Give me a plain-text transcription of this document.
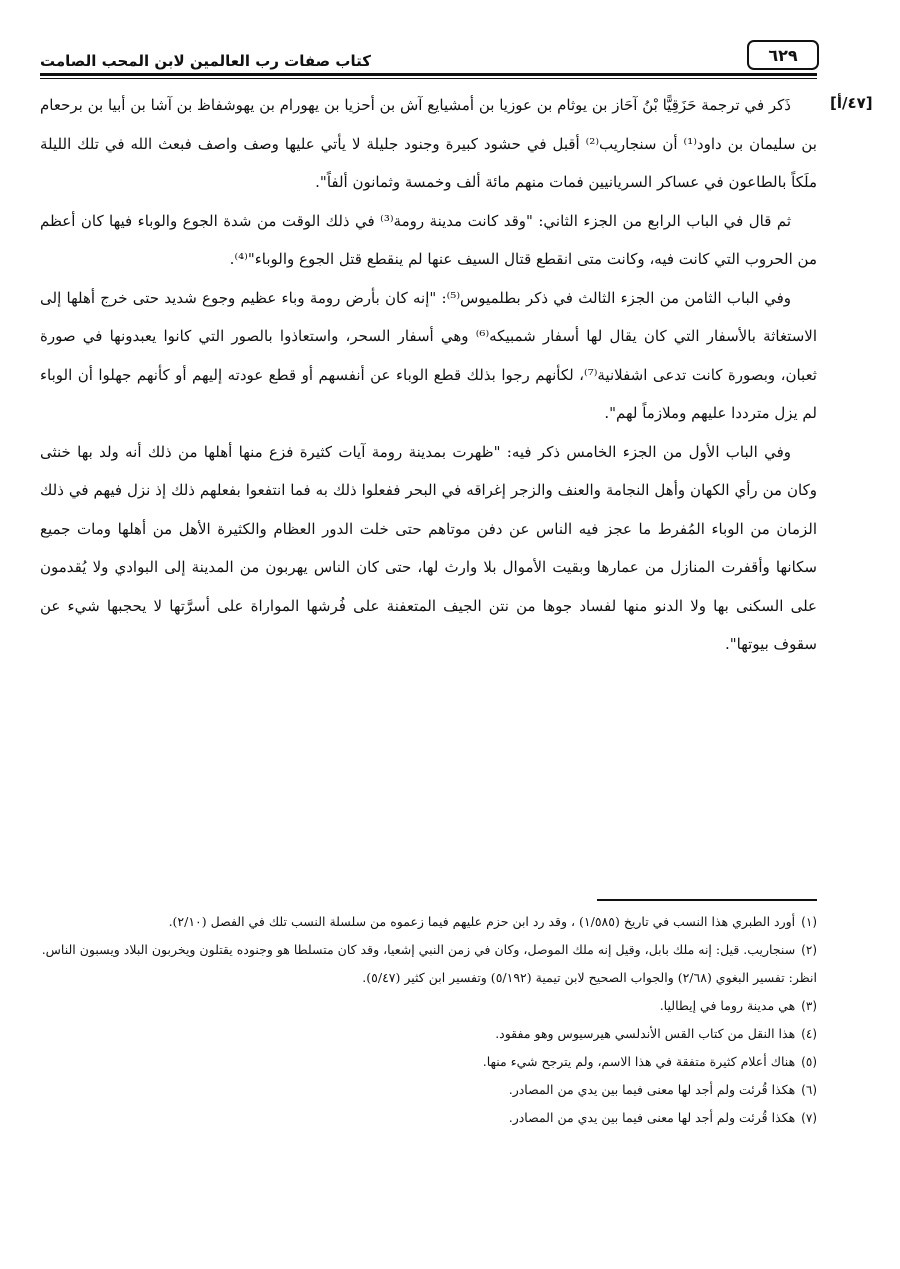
كتاب صفات رب العالمين لابن المحب الصامت	٦٢٩
[٤٧/أ]

ذَكر في ترجمة حَزَقِيًّا بْنُ آحَاز بن يوثام بن عوزيا بن أمشيايع آش بن أحزيا بن يهورام بن يهوشفاظ بن آشا بن أبيا بن برحعام بن سليمان بن داود⁽¹⁾ أن سنجاريب⁽²⁾ أقبل في حشود كبيرة وجنود جليلة لا يأتي عليها وصف واصف فبعث الله في تلك الليلة ملَكاً بالطاعون في عساكر السريانيين فمات منهم مائة ألف وخمسة وثمانون ألفاً".

ثم قال في الباب الرابع من الجزء الثاني: "وقد كانت مدينة رومة⁽³⁾ في ذلك الوقت من شدة الجوع والوباء فيها كان أعظم من الحروب التي كانت فيه، وكانت متى انقطع قتال السيف عنها لم ينقطع قتل الجوع والوباء"⁽⁴⁾.

وفي الباب الثامن من الجزء الثالث في ذكر بطلميوس⁽⁵⁾: "إنه كان بأرض رومة وباء عظيم وجوع شديد حتى خرج أهلها إلى الاستغاثة بالأسفار التي كان يقال لها أسفار شمبيكه⁽⁶⁾ وهي أسفار السحر، واستعاذوا بالصور التي كانوا يعبدونها في صورة ثعبان، وبصورة كانت تدعى اشفلانية⁽⁷⁾، لكأنهم رجوا بذلك قطع الوباء عن أنفسهم أو قطع عودته إليهم أو كأنهم جهلوا أن الوباء لم يزل مترددا عليهم وملازماً لهم".

وفي الباب الأول من الجزء الخامس ذكر فيه: "ظهرت بمدينة رومة آيات كثيرة فزع منها أهلها من ذلك أنه ولد بها خنثى وكان من رأي الكهان وأهل النجامة والعنف والزجر إغراقه في البحر ففعلوا ذلك به فما انتفعوا بفعلهم ذلك إذ نزل فيهم في ذلك الزمان من الوباء المُفرط ما عجز فيه الناس عن دفن موتاهم حتى خلت الدور العظام والكثيرة الأهل من أهلها ومات جميع سكانها وأقفرت المنازل من عمارها وبقيت الأموال بلا وارث لها، حتى كان الناس يهربون من المدينة إلى البوادي ولا يُقدمون على السكنى بها ولا الدنو منها لفساد جوها من نتن الجيف المتعفنة على فُرشها المواراة على أسرَّتها لا يحجبها شيء عن سقوف بيوتها".

(١)أورد الطبري هذا النسب في تاريخ (١/٥٨٥) ، وقد رد ابن حزم عليهم فيما زعموه من سلسلة النسب تلك في الفصل (٢/١٠).

(٢)سنجاريب. قيل: إنه ملك بابل، وقيل إنه ملك الموصل، وكان في زمن النبي إشعيا، وقد كان متسلطا هو وجنوده يقتلون ويخربون البلاد ويسبون الناس. انظر: تفسير البغوي (٢/٦٨) والجواب الصحيح لابن تيمية (٥/١٩٢) وتفسير ابن كثير (٥/٤٧).

(٣)هي مدينة روما في إيطاليا.

(٤)هذا النقل من كتاب القس الأندلسي هيرسيوس وهو مفقود.

(٥)هناك أعلام كثيرة متفقة في هذا الاسم، ولم يترجح شيء منها.

(٦)هكذا قُرئت ولم أجد لها معنى فيما بين يدي من المصادر.

(٧)هكذا قُرئت ولم أجد لها معنى فيما بين يدي من المصادر.
